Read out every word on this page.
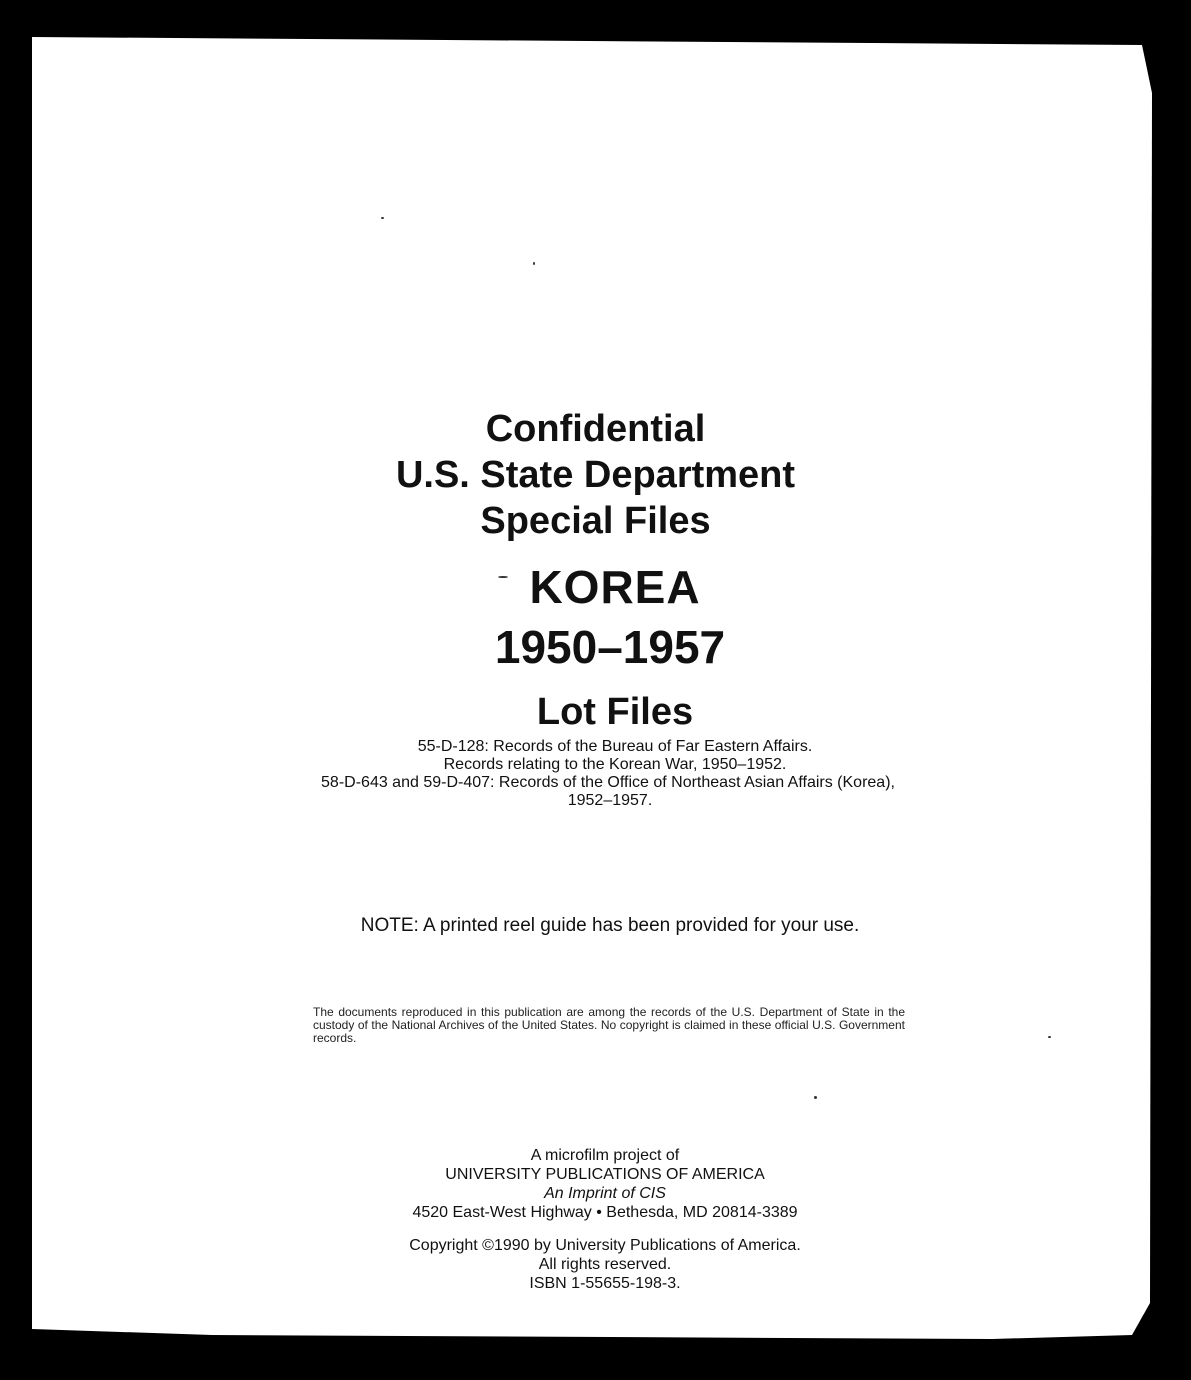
Confidential
U.S. State Department
Special Files
KOREA
1950–1957
Lot Files
55-D-128: Records of the Bureau of Far Eastern Affairs.
Records relating to the Korean War, 1950–1952.
58-D-643 and 59-D-407: Records of the Office of Northeast Asian Affairs (Korea),
1952–1957.
NOTE: A printed reel guide has been provided for your use.
The documents reproduced in this publication are among the records of the U.S. Department of State in the custody of the National Archives of the United States. No copyright is claimed in these official U.S. Government records.
A microfilm project of
UNIVERSITY PUBLICATIONS OF AMERICA
An Imprint of CIS
4520 East-West Highway • Bethesda, MD 20814-3389
Copyright ©1990 by University Publications of America.
All rights reserved.
ISBN 1-55655-198-3.
